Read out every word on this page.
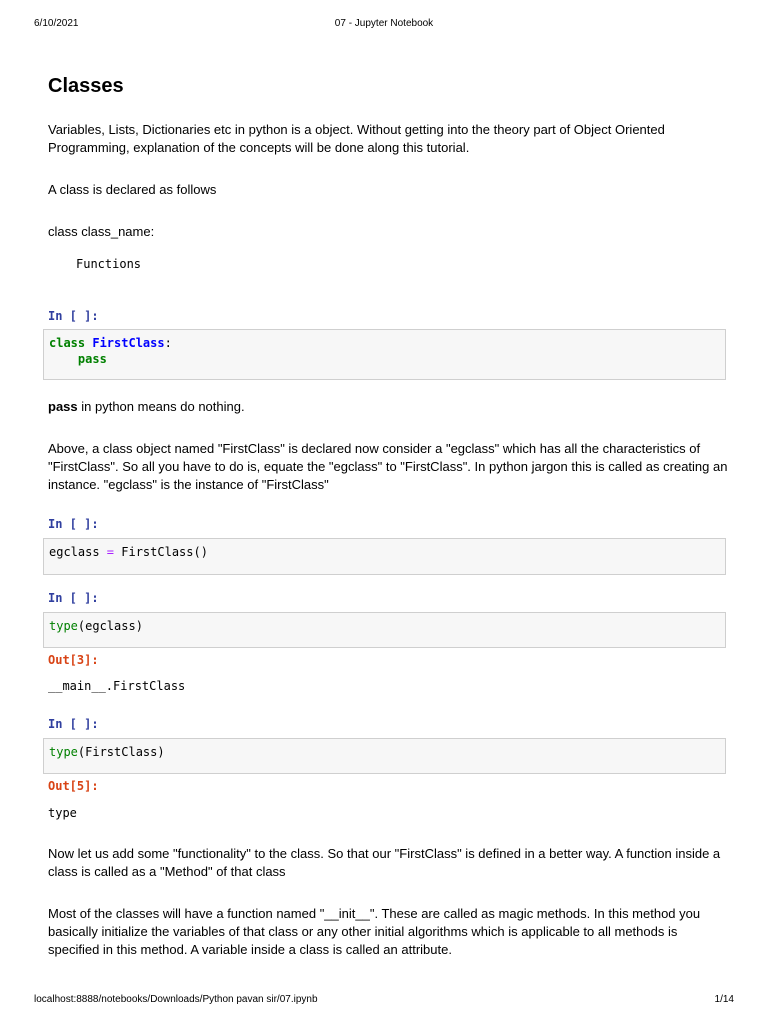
6/10/2021	07 - Jupyter Notebook
Classes
Variables, Lists, Dictionaries etc in python is a object. Without getting into the theory part of Object Oriented Programming, explanation of the concepts will be done along this tutorial.
A class is declared as follows
class class_name:
Functions
In [ ]:
class FirstClass:
pass
pass in python means do nothing.
Above, a class object named "FirstClass" is declared now consider a "egclass" which has all the characteristics of "FirstClass". So all you have to do is, equate the "egclass" to "FirstClass". In python jargon this is called as creating an instance. "egclass" is the instance of "FirstClass"
In [ ]:
egclass = FirstClass()
In [ ]:
type(egclass)
Out[3]:
__main__.FirstClass
In [ ]:
type(FirstClass)
Out[5]:
type
Now let us add some "functionality" to the class. So that our "FirstClass" is defined in a better way. A function inside a class is called as a "Method" of that class
Most of the classes will have a function named "__init__". These are called as magic methods. In this method you basically initialize the variables of that class or any other initial algorithms which is applicable to all methods is specified in this method. A variable inside a class is called an attribute.
localhost:8888/notebooks/Downloads/Python pavan sir/07.ipynb	1/14
